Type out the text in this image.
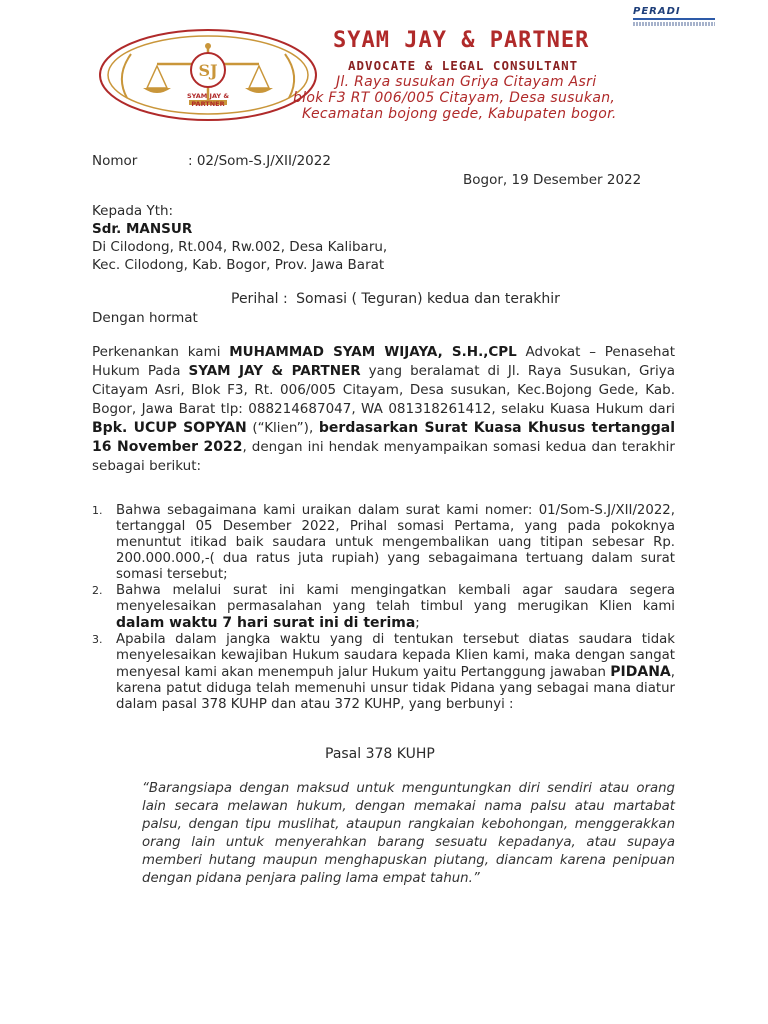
SJ
SYAM JAY &
PARTNER
SYAM JAY & PARTNER
ADVOCATE & LEGAL CONSULTANT
Jl. Raya susukan Griya Citayam Asri
blok F3 RT 006/005 Citayam, Desa susukan,
Kecamatan bojong gede, Kabupaten bogor.
PERADI
Nomor	: 02/Som-S.J/XII/2022
Bogor, 19 Desember 2022
Kepada Yth:
Sdr. MANSUR
Di Cilodong, Rt.004, Rw.002, Desa Kalibaru,
Kec. Cilodong, Kab. Bogor, Prov. Jawa Barat
Perihal : Somasi ( Teguran) kedua dan terakhir
Dengan hormat

Perkenankan kami MUHAMMAD SYAM WIJAYA, S.H.,CPL Advokat – Penasehat Hukum Pada SYAM JAY & PARTNER yang beralamat di Jl. Raya Susukan, Griya Citayam Asri, Blok F3, Rt. 006/005 Citayam, Desa susukan, Kec.Bojong Gede, Kab. Bogor, Jawa Barat tlp: 088214687047, WA 081318261412, selaku Kuasa Hukum dari Bpk. UCUP SOPYAN (“Klien”), berdasarkan Surat Kuasa Khusus tertanggal 16 November 2022, dengan ini hendak menyampaikan somasi kedua dan terakhir sebagai berikut:

1. Bahwa sebagaimana kami uraikan dalam surat kami nomer: 01/Som-S.J/XII/2022, tertanggal 05 Desember 2022, Prihal somasi Pertama, yang pada pokoknya menuntut itikad baik saudara untuk mengembalikan uang titipan sebesar Rp. 200.000.000,-( dua ratus juta rupiah) yang sebagaimana tertuang dalam surat somasi tersebut;
2. Bahwa melalui surat ini kami mengingatkan kembali agar saudara segera menyelesaikan permasalahan yang telah timbul yang merugikan Klien kami dalam waktu 7 hari surat ini di terima;
3. Apabila dalam jangka waktu yang di tentukan tersebut diatas saudara tidak menyelesaikan kewajiban Hukum saudara kepada Klien kami, maka dengan sangat menyesal kami akan menempuh jalur Hukum yaitu Pertanggung jawaban PIDANA, karena patut diduga telah memenuhi unsur tidak Pidana yang sebagai mana diatur dalam pasal 378 KUHP dan atau 372 KUHP, yang berbunyi :
Pasal 378 KUHP

“Barangsiapa dengan maksud untuk menguntungkan diri sendiri atau orang lain secara melawan hukum, dengan memakai nama palsu atau martabat palsu, dengan tipu muslihat, ataupun rangkaian kebohongan, menggerakkan orang lain untuk menyerahkan barang sesuatu kepadanya, atau supaya memberi hutang maupun menghapuskan piutang, diancam karena penipuan dengan pidana penjara paling lama empat tahun.”
